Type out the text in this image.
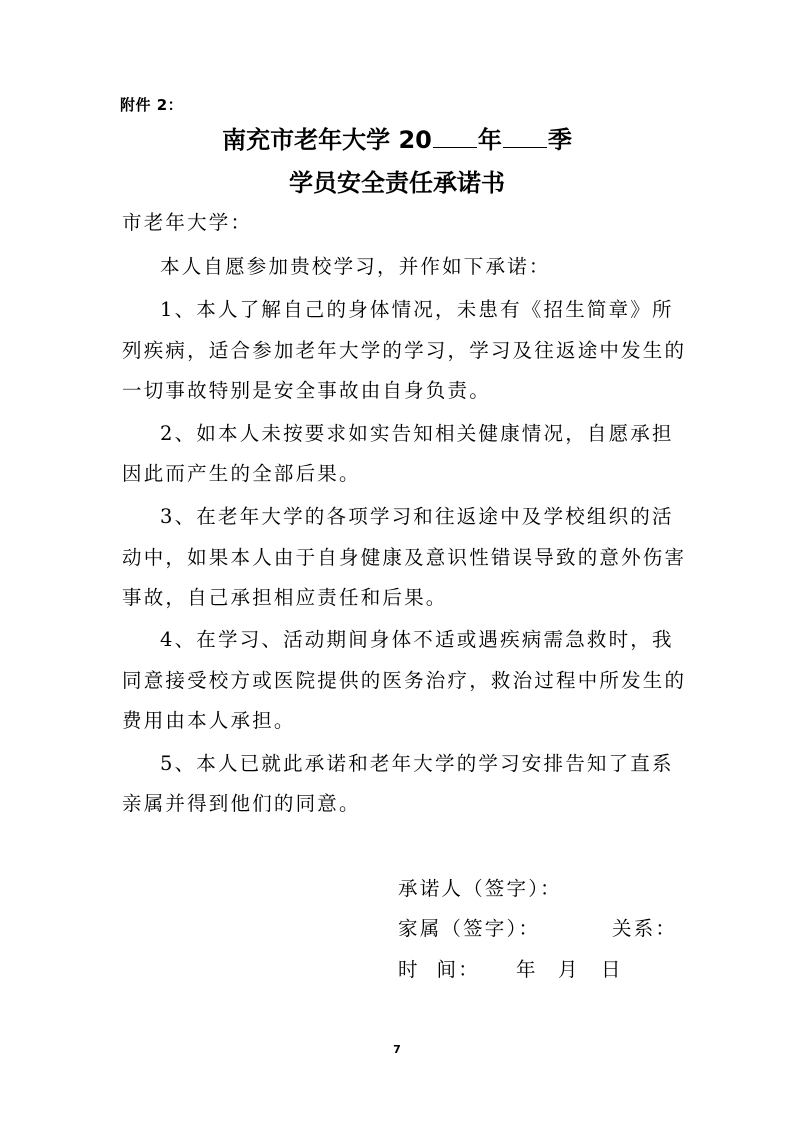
附件 2：
南充市老年大学 20 年 季
学员安全责任承诺书
市老年大学：
本人自愿参加贵校学习，并作如下承诺：
1、本人了解自己的身体情况，未患有《招生简章》所
列疾病，适合参加老年大学的学习，学习及往返途中发生的
一切事故特别是安全事故由自身负责。
2、如本人未按要求如实告知相关健康情况，自愿承担
因此而产生的全部后果。
3、在老年大学的各项学习和往返途中及学校组织的活
动中，如果本人由于自身健康及意识性错误导致的意外伤害
事故，自己承担相应责任和后果。
4、在学习、活动期间身体不适或遇疾病需急救时，我
同意接受校方或医院提供的医务治疗，救治过程中所发生的
费用由本人承担。
5、本人已就此承诺和老年大学的学习安排告知了直系
亲属并得到他们的同意。
承诺人（签字）：
家属（签字）：	关系：
时  间： 年 月 日
7
